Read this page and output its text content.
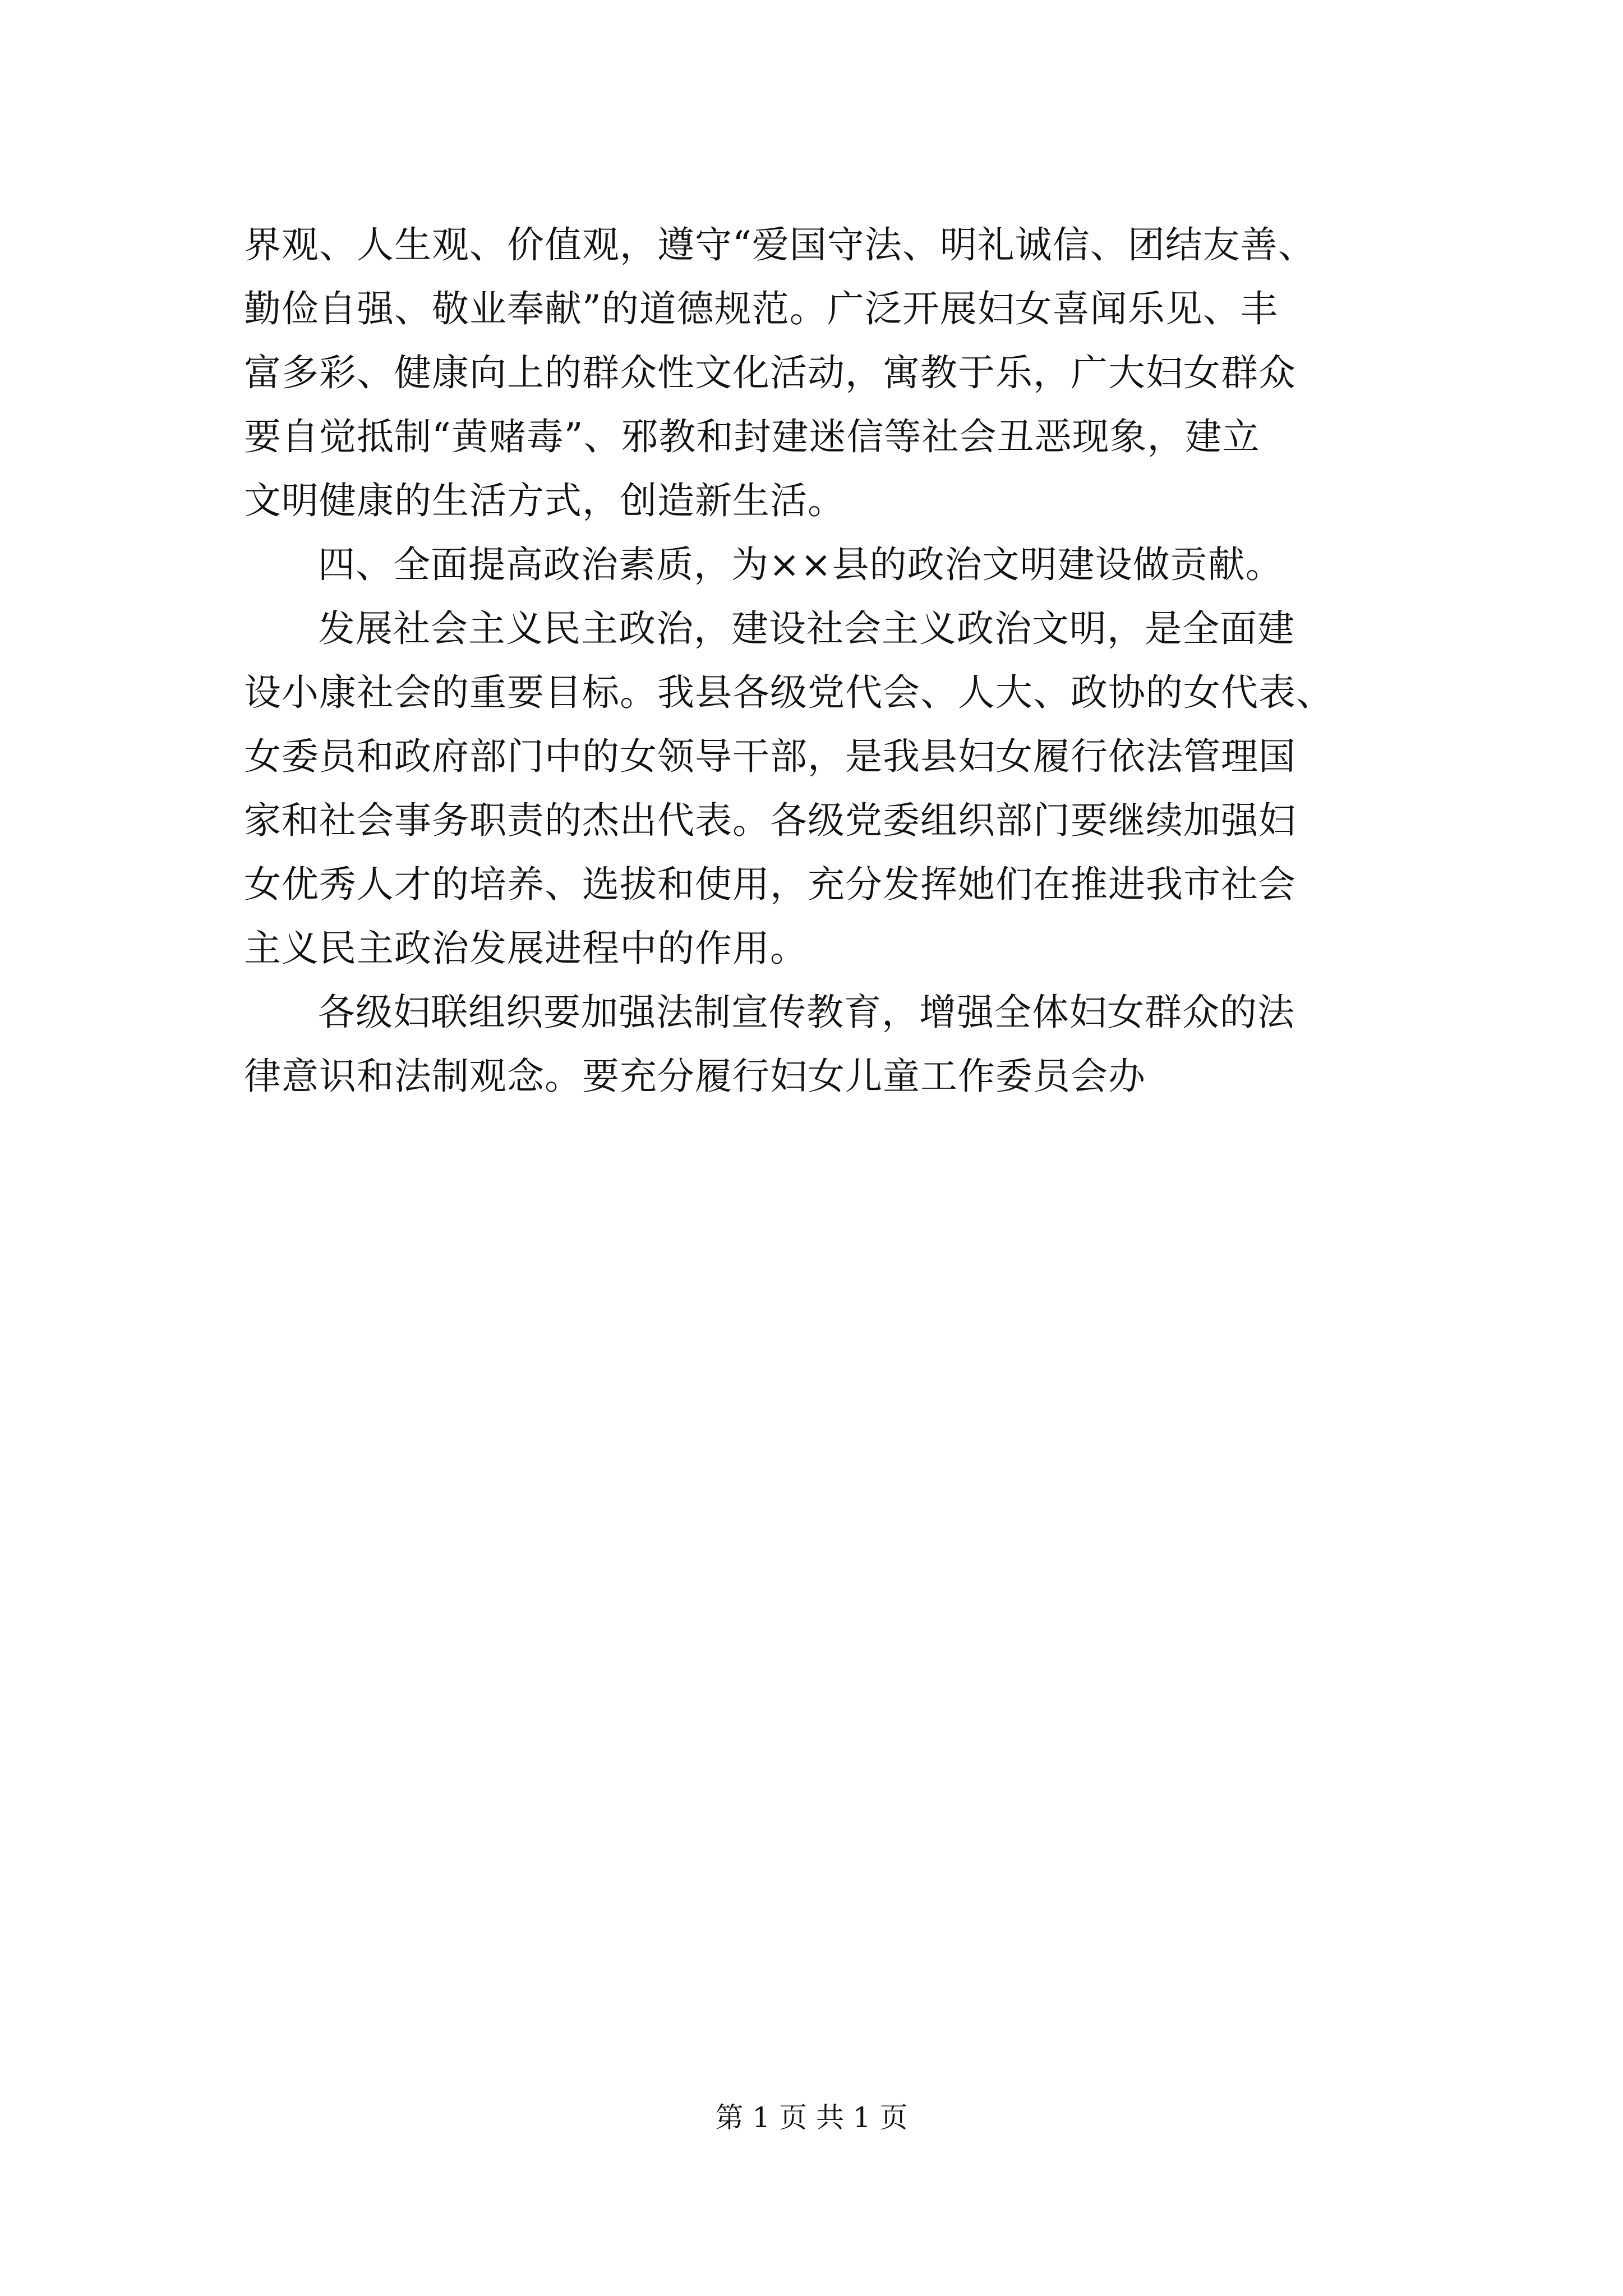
界观、人生观、价值观，遵守“爱国守法、明礼诚信、团结友善、
勤俭自强、敬业奉献”的道德规范。广泛开展妇女喜闻乐见、丰
富多彩、健康向上的群众性文化活动，寓教于乐，广大妇女群众
要自觉抵制“黄赌毒”、邪教和封建迷信等社会丑恶现象，建立
文明健康的生活方式，创造新生活。
四、全面提高政治素质，为××县的政治文明建设做贡献。
发展社会主义民主政治，建设社会主义政治文明，是全面建
设小康社会的重要目标。我县各级党代会、人大、政协的女代表、
女委员和政府部门中的女领导干部，是我县妇女履行依法管理国
家和社会事务职责的杰出代表。各级党委组织部门要继续加强妇
女优秀人才的培养、选拔和使用，充分发挥她们在推进我市社会
主义民主政治发展进程中的作用。
各级妇联组织要加强法制宣传教育，增强全体妇女群众的法
律意识和法制观念。要充分履行妇女儿童工作委员会办
第 1 页 共 1 页
